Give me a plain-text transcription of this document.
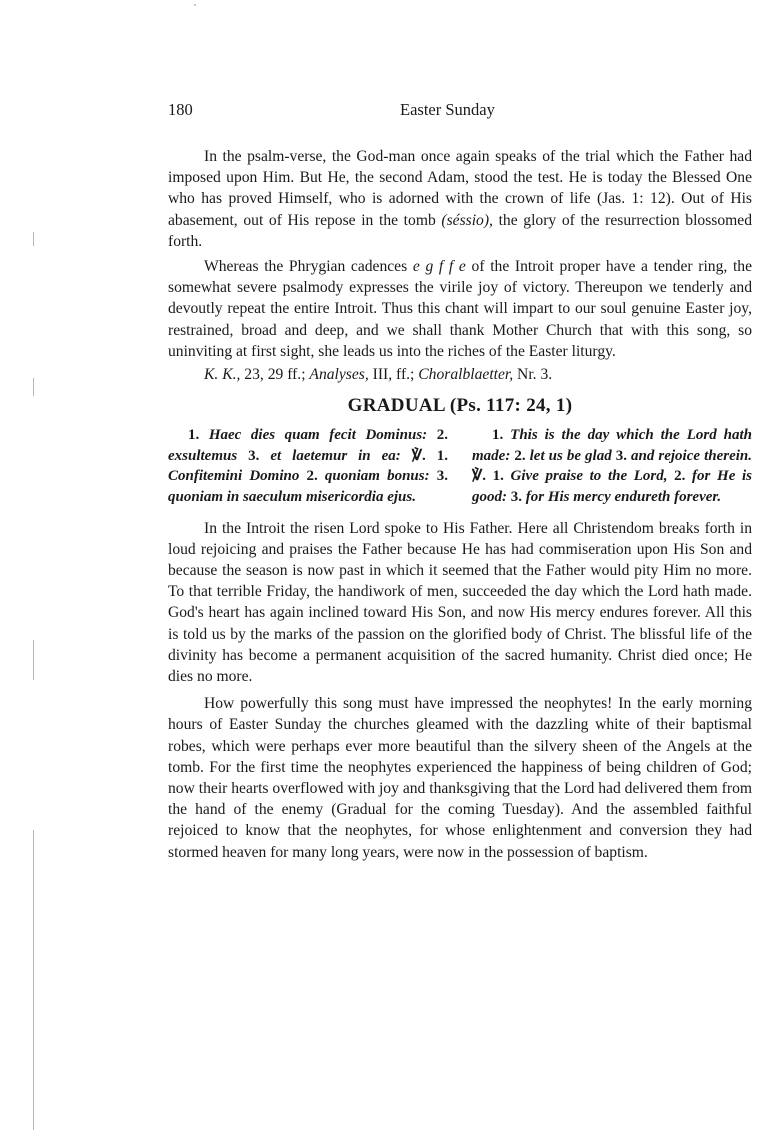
180	Easter Sunday

In the psalm-verse, the God-man once again speaks of the trial which the Father had imposed upon Him. But He, the second Adam, stood the test. He is today the Blessed One who has proved Himself, who is adorned with the crown of life (Jas. 1: 12). Out of His abasement, out of His repose in the tomb (séssio), the glory of the resurrection blossomed forth.

Whereas the Phrygian cadences e g f f e of the Introit proper have a tender ring, the somewhat severe psalmody expresses the virile joy of victory. Thereupon we tenderly and devoutly repeat the entire Introit. Thus this chant will impart to our soul genuine Easter joy, restrained, broad and deep, and we shall thank Mother Church that with this song, so uninviting at first sight, she leads us into the riches of the Easter liturgy.

K. K., 23, 29 ff.; Analyses, III, ff.; Choralblaetter, Nr. 3.

GRADUAL (Ps. 117: 24, 1)

1. Haec dies quam fecit Dominus: 2. exsultemus 3. et laetemur in ea: ℣. 1. Confitemini Domino 2. quoniam bonus: 3. quoniam in saeculum misericordia ejus.

1. This is the day which the Lord hath made: 2. let us be glad 3. and rejoice therein. ℣. 1. Give praise to the Lord, 2. for He is good: 3. for His mercy endureth forever.

In the Introit the risen Lord spoke to His Father. Here all Christendom breaks forth in loud rejoicing and praises the Father because He has had commiseration upon His Son and because the season is now past in which it seemed that the Father would pity Him no more. To that terrible Friday, the handiwork of men, succeeded the day which the Lord hath made. God's heart has again inclined toward His Son, and now His mercy endures forever. All this is told us by the marks of the passion on the glorified body of Christ. The blissful life of the divinity has become a permanent acquisition of the sacred humanity. Christ died once; He dies no more.

How powerfully this song must have impressed the neophytes! In the early morning hours of Easter Sunday the churches gleamed with the dazzling white of their baptismal robes, which were perhaps ever more beautiful than the silvery sheen of the Angels at the tomb. For the first time the neophytes experienced the happiness of being children of God; now their hearts overflowed with joy and thanksgiving that the Lord had delivered them from the hand of the enemy (Gradual for the coming Tuesday). And the assembled faithful rejoiced to know that the neophytes, for whose enlightenment and conversion they had stormed heaven for many long years, were now in the possession of baptism.
